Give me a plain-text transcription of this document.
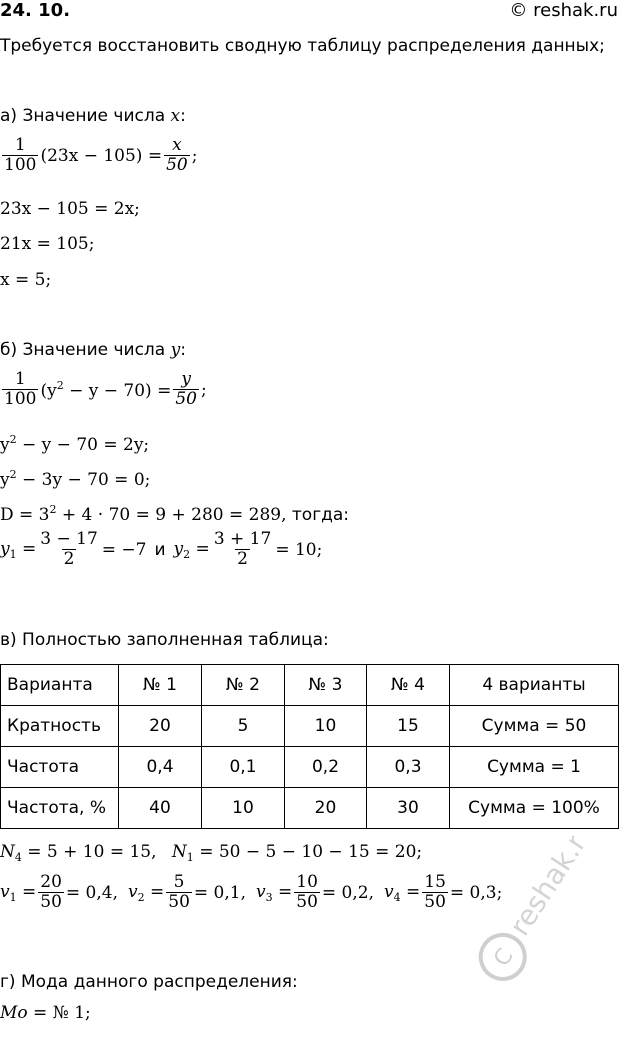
24. 10.	© reshak.ru
Требуется восстановить сводную таблицу распределения данных;
а) Значение числа x:
$\frac{1}{100} (23x - 105) = \frac{x}{50}$ ;
23x − 105 = 2x;
21x = 105;
x = 5;
б) Значение числа y:
$\frac{1}{100} (y^2 - y - 70) = \frac{y}{50}$ ;
$y^2 - y - 70 = 2y$;
$y^2 - 3y - 70 = 0$;
$D = 3^2 + 4 \cdot 70 = 9 + 280 = 289$, тогда:
$y_1 = \frac{3 - 17}{2} = -7$ и $y_2 = \frac{3 + 17}{2} = 10$;
в) Полностью заполненная таблица:
Варианта	№ 1	№ 2	№ 3	№ 4	4 варианты
Кратность	20	5	10	15	Сумма = 50
Частота	0,4	0,1	0,2	0,3	Сумма = 1
Частота, %	40	10	20	30	Сумма = 100%
$N_4 = 5 + 10 = 15$, $N_1 = 50 - 5 - 10 - 15 = 20$;
$v_1 = \frac{20}{50} = 0,4$, $v_2 = \frac{5}{50} = 0,1$, $v_3 = \frac{10}{50} = 0,2$, $v_4 = \frac{15}{50} = 0,3$;
г) Мода данного распределения:
Mo = № 1;
C
reshak.ru
